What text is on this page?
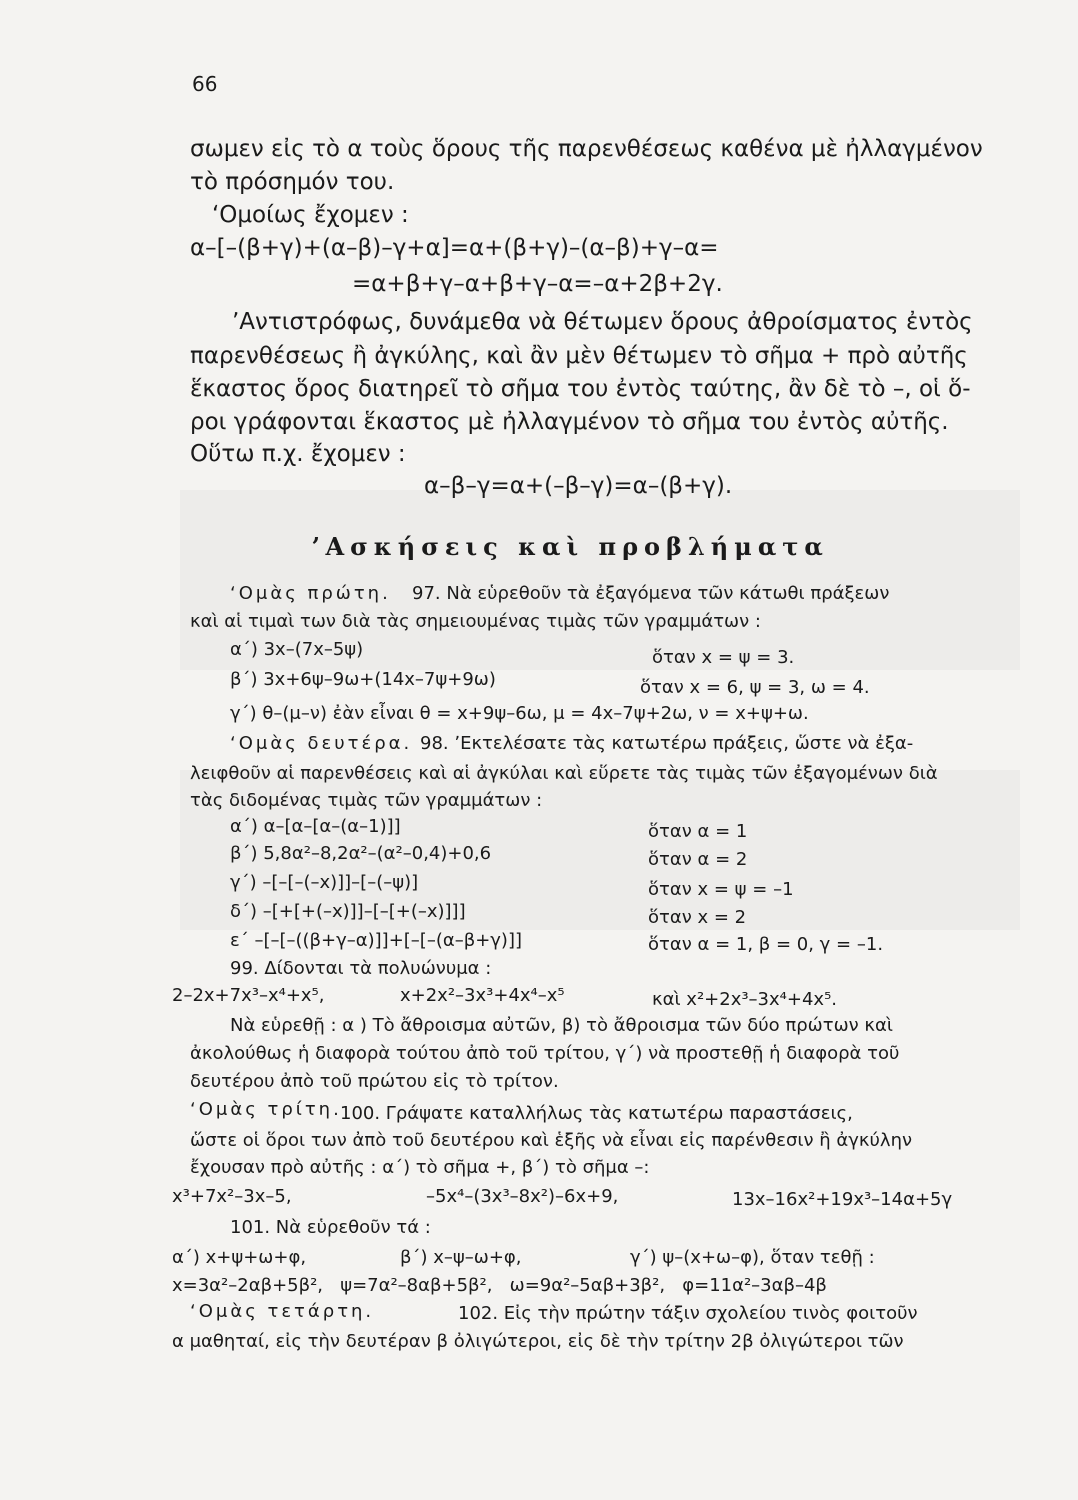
66
σωμεν εἰς τὸ α τοὺς ὅρους τῆς παρενθέσεως καθένα μὲ ἠλλαγμένον
τὸ πρόσημόν του.
ʻΟμοίως ἔχομεν :
α–[–(β+γ)+(α–β)–γ+α]=α+(β+γ)–(α–β)+γ–α=
=α+β+γ–α+β+γ–α=–α+2β+2γ.
ʼΑντιστρόφως, δυνάμεθα νὰ θέτωμεν ὅρους ἀθροίσματος ἐντὸς
παρενθέσεως ἢ ἀγκύλης, καὶ ἂν μὲν θέτωμεν τὸ σῆμα + πρὸ αὐτῆς
ἕκαστος ὅρος διατηρεῖ τὸ σῆμα του ἐντὸς ταύτης, ἂν δὲ τὸ –, οἱ ὅ-
ροι γράφονται ἕκαστος μὲ ἠλλαγμένον τὸ σῆμα του ἐντὸς αὐτῆς.
Οὕτω π.χ. ἔχομεν :
α–β–γ=α+(–β–γ)=α–(β+γ).
ʼΑσκήσεις καὶ προβλήματα
ʻΟμὰς πρώτη. 97. Νὰ εὑρεθοῦν τὰ ἐξαγόμενα τῶν κάτωθι πράξεων
καὶ αἱ τιμαὶ των διὰ τὰς σημειουμένας τιμὰς τῶν γραμμάτων :
α΄) 3x–(7x–5ψ)	ὅταν x = ψ = 3.
β΄) 3x+6ψ–9ω+(14x–7ψ+9ω)	ὅταν x = 6, ψ = 3, ω = 4.
γ΄) θ–(μ–ν) ἐὰν εἶναι θ = x+9ψ–6ω, μ = 4x–7ψ+2ω, ν = x+ψ+ω.
ʻΟμὰς δευτέρα. 98. ʼΕκτελέσατε τὰς κατωτέρω πράξεις, ὥστε νὰ ἐξα-
λειφθοῦν αἱ παρενθέσεις καὶ αἱ ἀγκύλαι καὶ εὕρετε τὰς τιμὰς τῶν ἐξαγομένων διὰ
τὰς διδομένας τιμὰς τῶν γραμμάτων :
α΄) α–[α–[α–(α–1)]]	ὅταν α = 1
β΄) 5,8α²–8,2α²–(α²–0,4)+0,6	ὅταν α = 2
γ΄) –[–[–(–x)]]–[–(–ψ)]	ὅταν x = ψ = –1
δ΄) –[+[+(–x)]]–[–[+(–x)]]]	ὅταν x = 2
ε΄ –[–[–((β+γ–α)]]+[–[–(α–β+γ)]]	ὅταν α = 1, β = 0, γ = –1.
99. Δίδονται τὰ πολυώνυμα :
2–2x+7x³–x⁴+x⁵,	x+2x²–3x³+4x⁴–x⁵	καὶ x²+2x³–3x⁴+4x⁵.
Νὰ εὑρεθῇ : α ) Τὸ ἄθροισμα αὐτῶν, β) τὸ ἄθροισμα τῶν δύο πρώτων καὶ
ἀκολούθως ἡ διαφορὰ τούτου ἀπὸ τοῦ τρίτου, γ΄) νὰ προστεθῇ ἡ διαφορὰ τοῦ
δευτέρου ἀπὸ τοῦ πρώτου εἰς τὸ τρίτον.
ʻΟμὰς τρίτη.
100. Γράψατε καταλλήλως τὰς κατωτέρω παραστάσεις,
ὥστε οἱ ὅροι των ἀπὸ τοῦ δευτέρου καὶ ἑξῆς νὰ εἶναι εἰς παρένθεσιν ἢ ἀγκύλην
ἔχουσαν πρὸ αὐτῆς : α΄) τὸ σῆμα +, β΄) τὸ σῆμα –:
x³+7x²–3x–5,	–5x⁴–(3x³–8x²)–6x+9,	13x–16x²+19x³–14α+5γ
101. Νὰ εὑρεθοῦν τά :
α΄) x+ψ+ω+φ,	β΄) x–ψ–ω+φ,	γ΄) ψ–(x+ω–φ), ὅταν τεθῇ :
x=3α²–2αβ+5β²,   ψ=7α²–8αβ+5β²,   ω=9α²–5αβ+3β²,   φ=11α²–3αβ–4β
ʻΟμὰς τετάρτη.	102. Εἰς τὴν πρώτην τάξιν σχολείου τινὸς φοιτοῦν
α μαθηταί, εἰς τὴν δευτέραν β ὀλιγώτεροι, εἰς δὲ τὴν τρίτην 2β ὀλιγώτεροι τῶν
